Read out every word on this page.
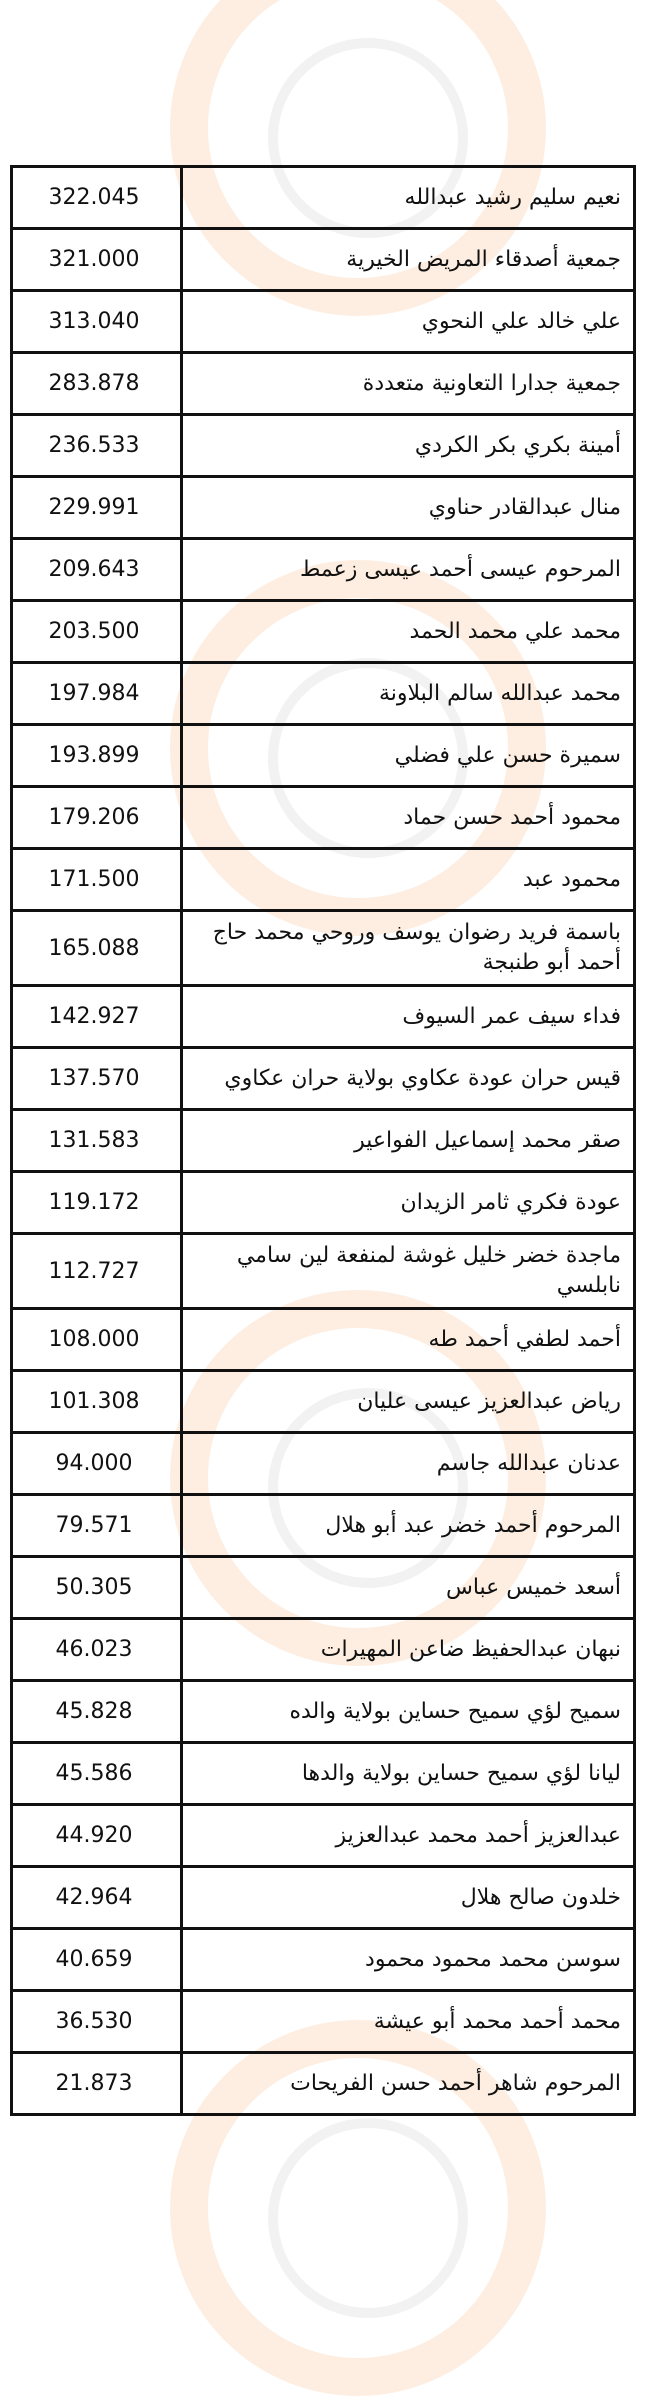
322.045	نعيم سليم رشيد عبدالله
321.000	جمعية أصدقاء المريض الخيرية
313.040	علي خالد علي النحوي
283.878	جمعية جدارا التعاونية متعددة
236.533	أمينة بكري بكر الكردي
229.991	منال عبدالقادر حناوي
209.643	المرحوم عيسى أحمد عيسى زعمط
203.500	محمد علي محمد الحمد
197.984	محمد عبدالله سالم البلاونة
193.899	سميرة حسن علي فضلي
179.206	محمود أحمد حسن حماد
171.500	محمود عبد
165.088	باسمة فريد رضوان يوسف وروحي محمد حاج أحمد أبو طنبجة
142.927	فداء سيف عمر السيوف
137.570	قيس حران عودة عكاوي بولاية حران عكاوي
131.583	صقر محمد إسماعيل الفواعير
119.172	عودة فكري ثامر الزيدان
112.727	ماجدة خضر خليل غوشة لمنفعة لين سامي نابلسي
108.000	أحمد لطفي أحمد طه
101.308	رياض عبدالعزيز عيسى عليان
94.000	عدنان عبدالله جاسم
79.571	المرحوم أحمد خضر عبد أبو هلال
50.305	أسعد خميس عباس
46.023	نبهان عبدالحفيظ ضاعن المهيرات
45.828	سميح لؤي سميح حساين بولاية والده
45.586	ليانا لؤي سميح حساين بولاية والدها
44.920	عبدالعزيز أحمد محمد عبدالعزيز
42.964	خلدون صالح هلال
40.659	سوسن محمد محمود محمود
36.530	محمد أحمد محمد أبو عيشة
21.873	المرحوم شاهر أحمد حسن الفريحات
